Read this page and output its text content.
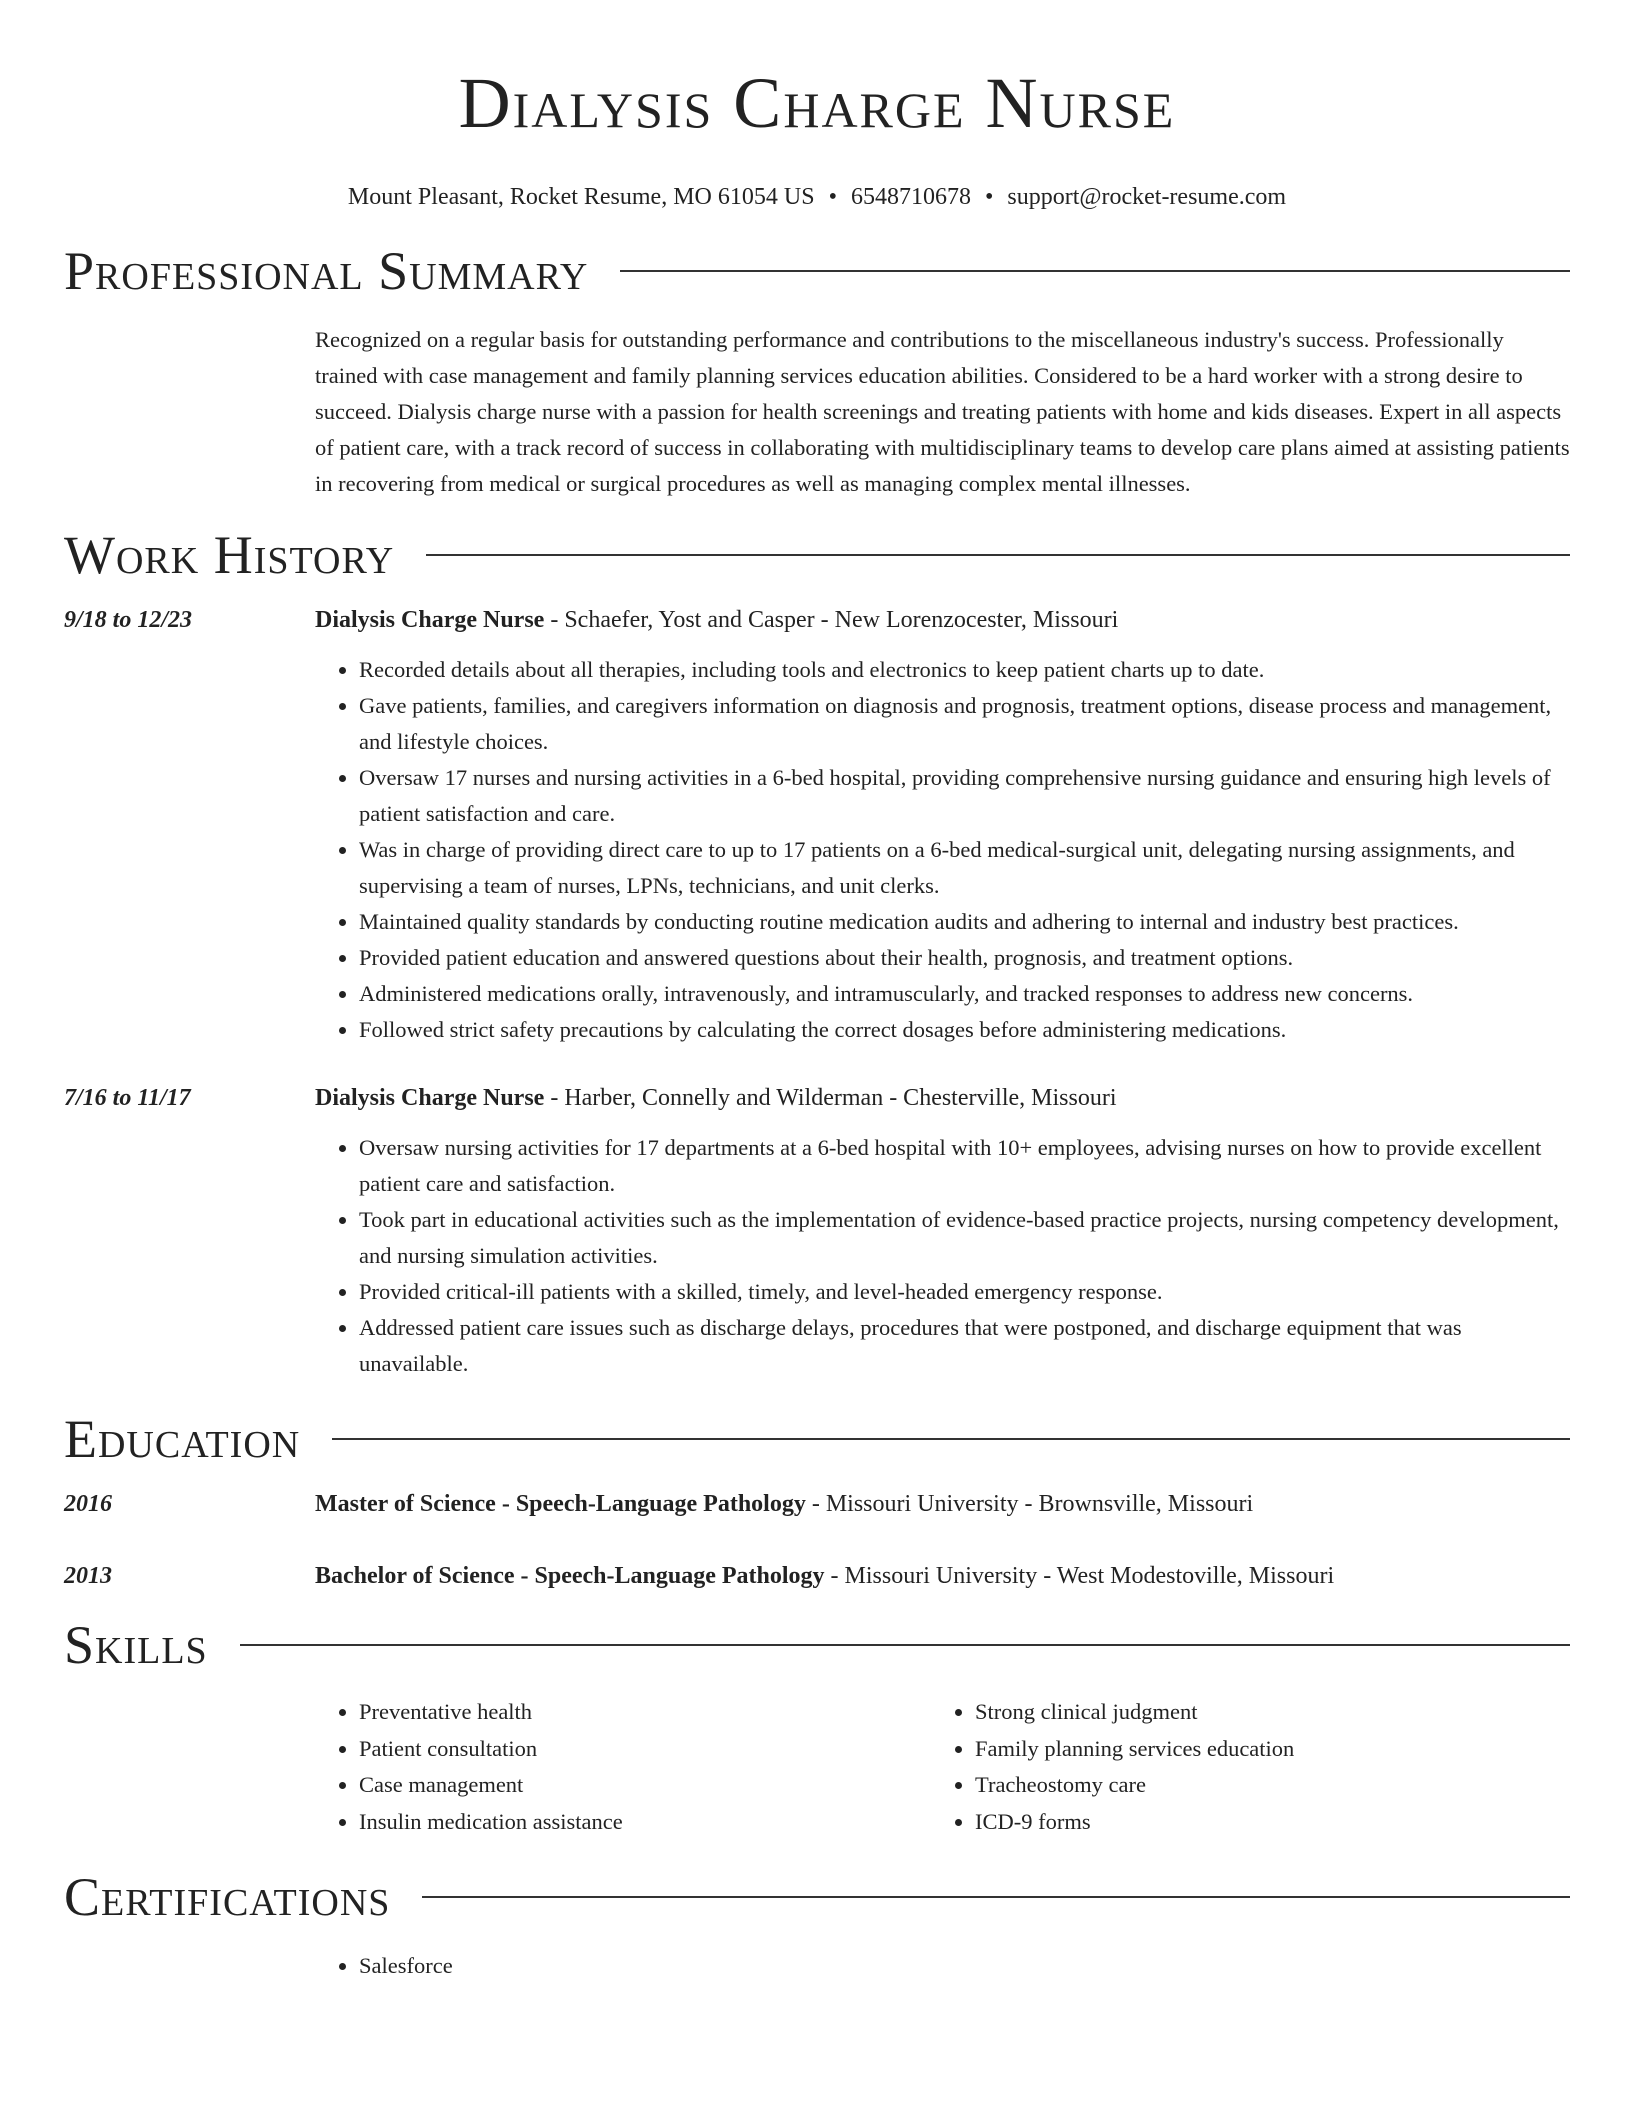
Dialysis Charge Nurse
Mount Pleasant, Rocket Resume, MO 61054 US • 6548710678 • support@rocket-resume.com
Professional Summary
Recognized on a regular basis for outstanding performance and contributions to the miscellaneous industry's success. Professionally trained with case management and family planning services education abilities. Considered to be a hard worker with a strong desire to succeed. Dialysis charge nurse with a passion for health screenings and treating patients with home and kids diseases. Expert in all aspects of patient care, with a track record of success in collaborating with multidisciplinary teams to develop care plans aimed at assisting patients in recovering from medical or surgical procedures as well as managing complex mental illnesses.
Work History
9/18 to 12/23	Dialysis Charge Nurse - Schaefer, Yost and Casper - New Lorenzocester, Missouri
• Recorded details about all therapies, including tools and electronics to keep patient charts up to date.
• Gave patients, families, and caregivers information on diagnosis and prognosis, treatment options, disease process and management, and lifestyle choices.
• Oversaw 17 nurses and nursing activities in a 6-bed hospital, providing comprehensive nursing guidance and ensuring high levels of patient satisfaction and care.
• Was in charge of providing direct care to up to 17 patients on a 6-bed medical-surgical unit, delegating nursing assignments, and supervising a team of nurses, LPNs, technicians, and unit clerks.
• Maintained quality standards by conducting routine medication audits and adhering to internal and industry best practices.
• Provided patient education and answered questions about their health, prognosis, and treatment options.
• Administered medications orally, intravenously, and intramuscularly, and tracked responses to address new concerns.
• Followed strict safety precautions by calculating the correct dosages before administering medications.
7/16 to 11/17	Dialysis Charge Nurse - Harber, Connelly and Wilderman - Chesterville, Missouri
• Oversaw nursing activities for 17 departments at a 6-bed hospital with 10+ employees, advising nurses on how to provide excellent patient care and satisfaction.
• Took part in educational activities such as the implementation of evidence-based practice projects, nursing competency development, and nursing simulation activities.
• Provided critical-ill patients with a skilled, timely, and level-headed emergency response.
• Addressed patient care issues such as discharge delays, procedures that were postponed, and discharge equipment that was unavailable.
Education
2016	Master of Science - Speech-Language Pathology - Missouri University - Brownsville, Missouri
2013	Bachelor of Science - Speech-Language Pathology - Missouri University - West Modestoville, Missouri
Skills
• Preventative health
• Patient consultation
• Case management
• Insulin medication assistance
• Strong clinical judgment
• Family planning services education
• Tracheostomy care
• ICD-9 forms
Certifications
• Salesforce
